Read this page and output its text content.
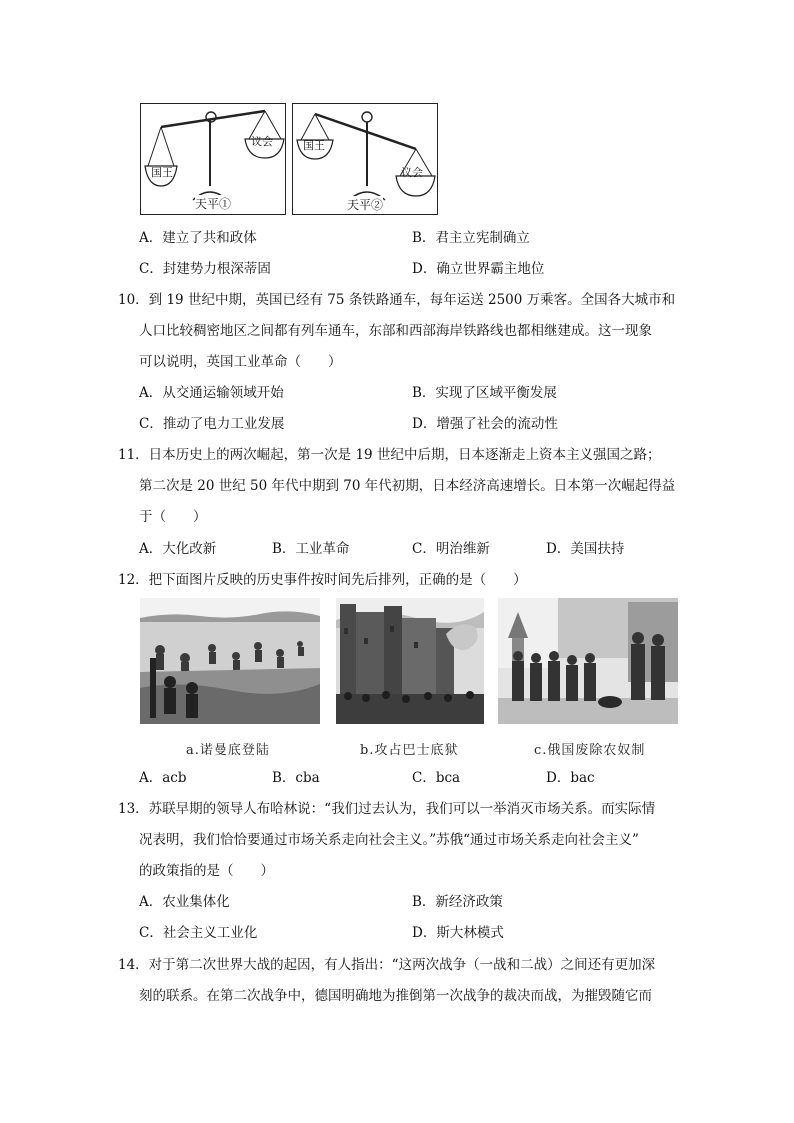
国王
议会
天平①
国王
议会
天平②
A．建立了共和政体	B．君主立宪制确立
C．封建势力根深蒂固	D．确立世界霸主地位
10．到 19 世纪中期，英国已经有 75 条铁路通车，每年运送 2500 万乘客。全国各大城市和
人口比较稠密地区之间都有列车通车，东部和西部海岸铁路线也都相继建成。这一现象
可以说明，英国工业革命（　　）
A．从交通运输领域开始	B．实现了区域平衡发展
C．推动了电力工业发展	D．增强了社会的流动性
11．日本历史上的两次崛起，第一次是 19 世纪中后期，日本逐渐走上资本主义强国之路；
第二次是 20 世纪 50 年代中期到 70 年代初期，日本经济高速增长。日本第一次崛起得益
于（　　）
A．大化改新	B．工业革命	C．明治维新	D．美国扶持
12．把下面图片反映的历史事件按时间先后排列，正确的是（　　）
a.诺曼底登陆	b.攻占巴士底狱	c.俄国废除农奴制
A．acb	B．cba	C．bca	D．bac
13．苏联早期的领导人布哈林说：“我们过去认为，我们可以一举消灭市场关系。而实际情
况表明，我们恰恰要通过市场关系走向社会主义。”苏俄“通过市场关系走向社会主义”
的政策指的是（　　）
A．农业集体化	B．新经济政策
C．社会主义工业化	D．斯大林模式
14．对于第二次世界大战的起因，有人指出：“这两次战争（一战和二战）之间还有更加深
刻的联系。在第二次战争中，德国明确地为推倒第一次战争的裁决而战，为摧毁随它而
